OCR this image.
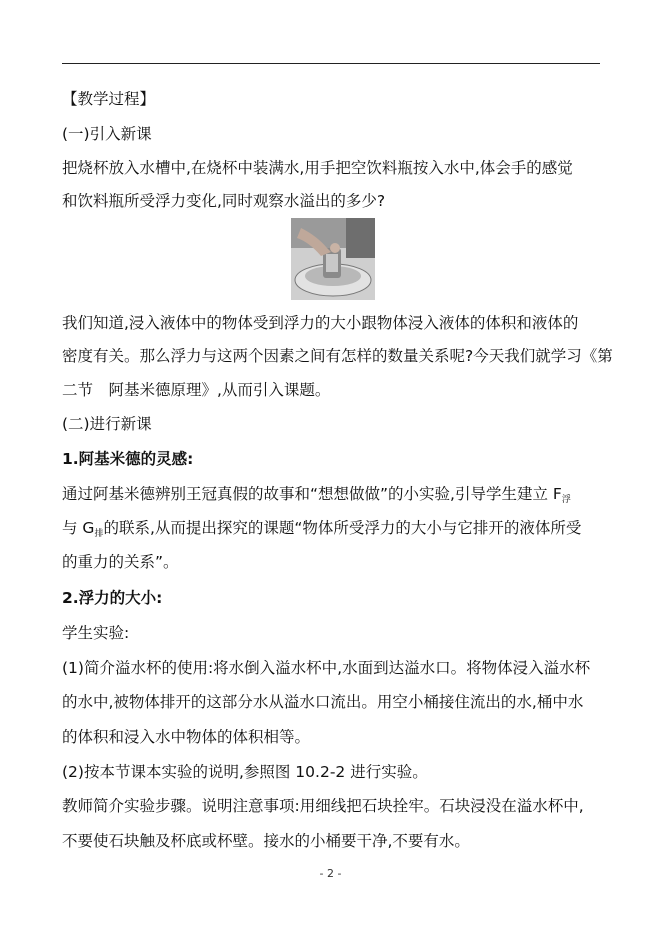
【教学过程】
(一)引入新课
把烧杯放入水槽中,在烧杯中装满水,用手把空饮料瓶按入水中,体会手的感觉
和饮料瓶所受浮力变化,同时观察水溢出的多少?
我们知道,浸入液体中的物体受到浮力的大小跟物体浸入液体的体积和液体的
密度有关。那么浮力与这两个因素之间有怎样的数量关系呢?今天我们就学习《第
二节　阿基米德原理》,从而引入课题。
(二)进行新课
1.阿基米德的灵感:
通过阿基米德辨别王冠真假的故事和“想想做做”的小实验,引导学生建立 $F_浮$
与 $G_排$的联系,从而提出探究的课题“物体所受浮力的大小与它排开的液体所受
的重力的关系”。
2.浮力的大小:
学生实验:
(1)简介溢水杯的使用:将水倒入溢水杯中,水面到达溢水口。将物体浸入溢水杯
的水中,被物体排开的这部分水从溢水口流出。用空小桶接住流出的水,桶中水
的体积和浸入水中物体的体积相等。
(2)按本节课本实验的说明,参照图 10.2-2 进行实验。
教师简介实验步骤。说明注意事项:用细线把石块拴牢。石块浸没在溢水杯中,
不要使石块触及杯底或杯壁。接水的小桶要干净,不要有水。
- 2 -
